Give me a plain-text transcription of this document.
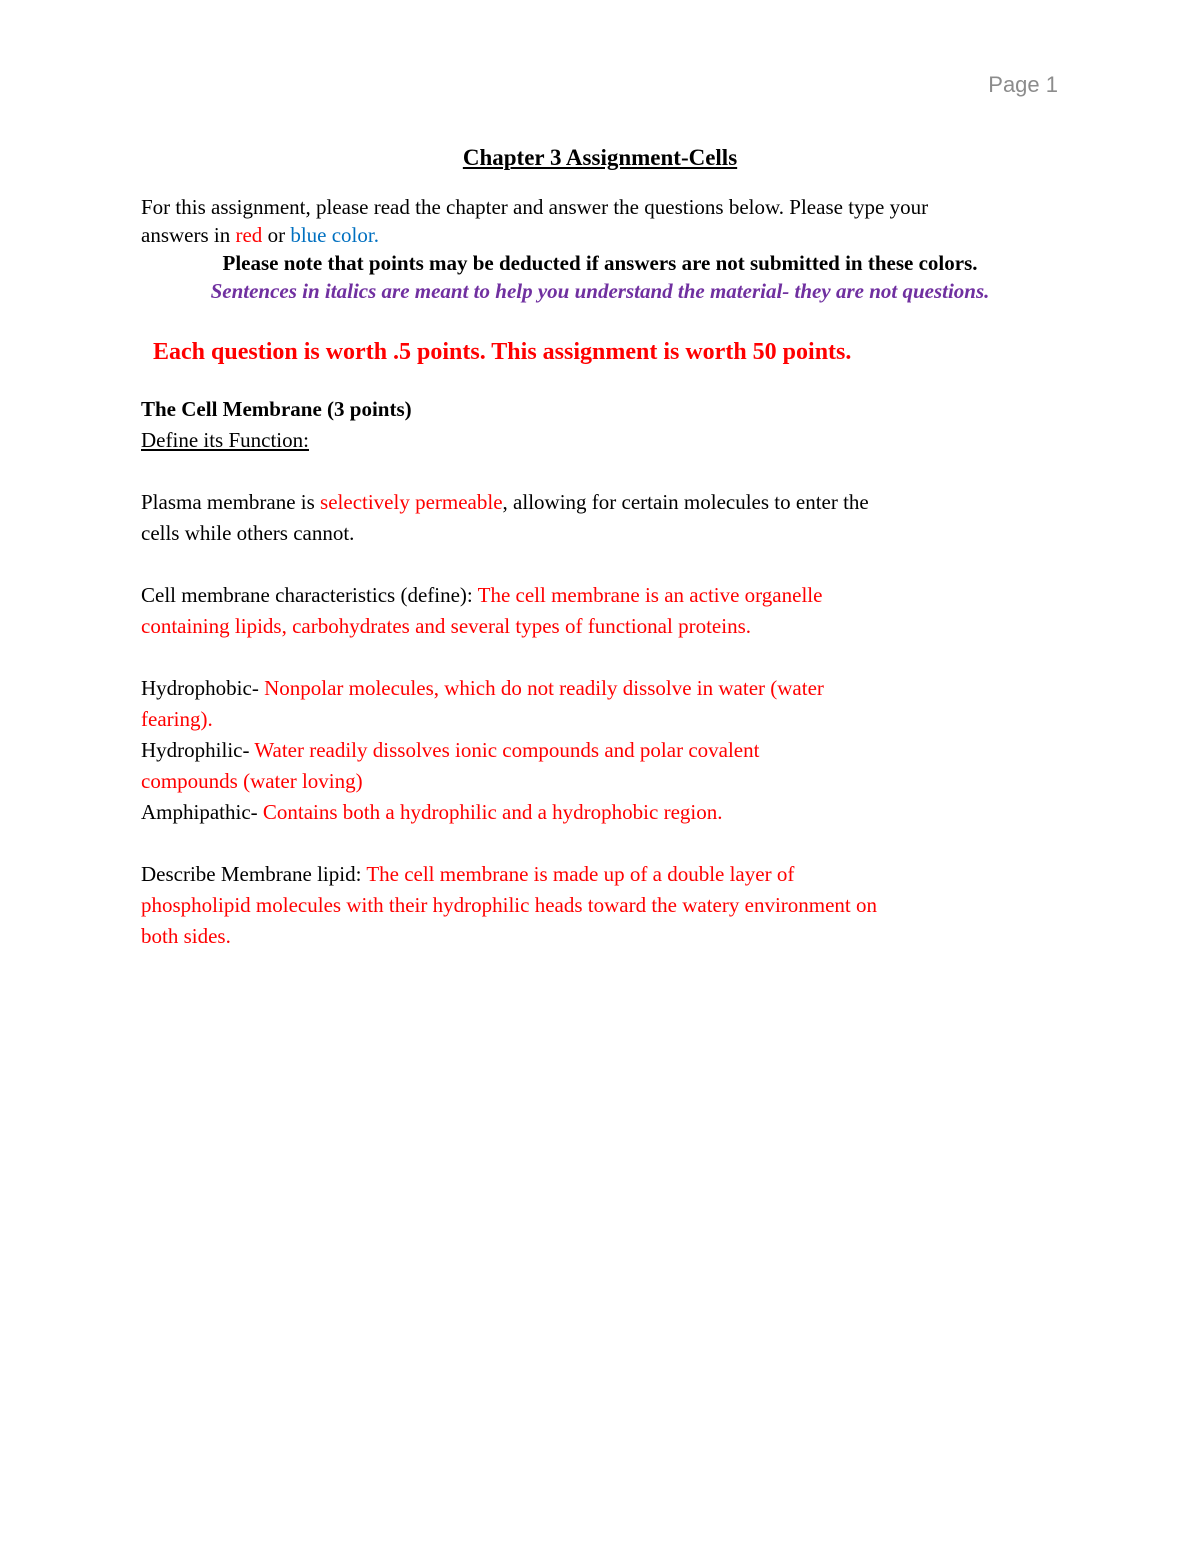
Page 1
Chapter 3 Assignment-Cells

For this assignment, please read the chapter and answer the questions below. Please type your

answers in red or blue color.

Please note that points may be deducted if answers are not submitted in these colors.

Sentences in italics are meant to help you understand the material- they are not questions.

Each question is worth .5 points. This assignment is worth 50 points.

The Cell Membrane (3 points)

Define its Function:

Plasma membrane is selectively permeable, allowing for certain molecules to enter the

cells while others cannot.

Cell membrane characteristics (define): The cell membrane is an active organelle

containing lipids, carbohydrates and several types of functional proteins.

Hydrophobic- Nonpolar molecules, which do not readily dissolve in water (water

fearing).

Hydrophilic- Water readily dissolves ionic compounds and polar covalent

compounds (water loving)

Amphipathic- Contains both a hydrophilic and a hydrophobic region.

Describe Membrane lipid: The cell membrane is made up of a double layer of

phospholipid molecules with their hydrophilic heads toward the watery environment on

both sides.
